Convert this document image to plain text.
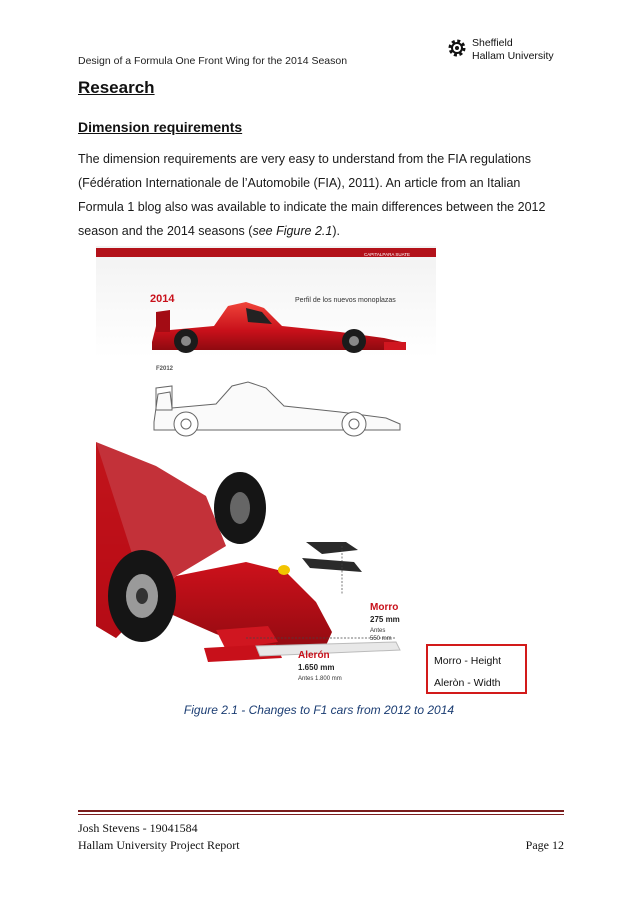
Design of a Formula One Front Wing for the 2014 Season
Sheffield
Hallam University
Research
Dimension requirements

The dimension requirements are very easy to understand from the FIA regulations (Fédération Internationale de l’Automobile (FIA), 2011). An article from an Italian Formula 1 blog also was available to indicate the main differences between the 2012 season and the 2014 seasons (see Figure 2.1).

CAPITALPARA SUATE
2014	Perfil de los nuevos monoplazas
F2012
Morro
275 mm
Antes
550 mm
Alerón
1.650 mm
Antes 1.800 mm
Morro - Height
Aleròn - Width
Figure 2.1 - Changes to F1 cars from 2012 to 2014
Josh Stevens - 19041584
Hallam University Project Report	Page 12
